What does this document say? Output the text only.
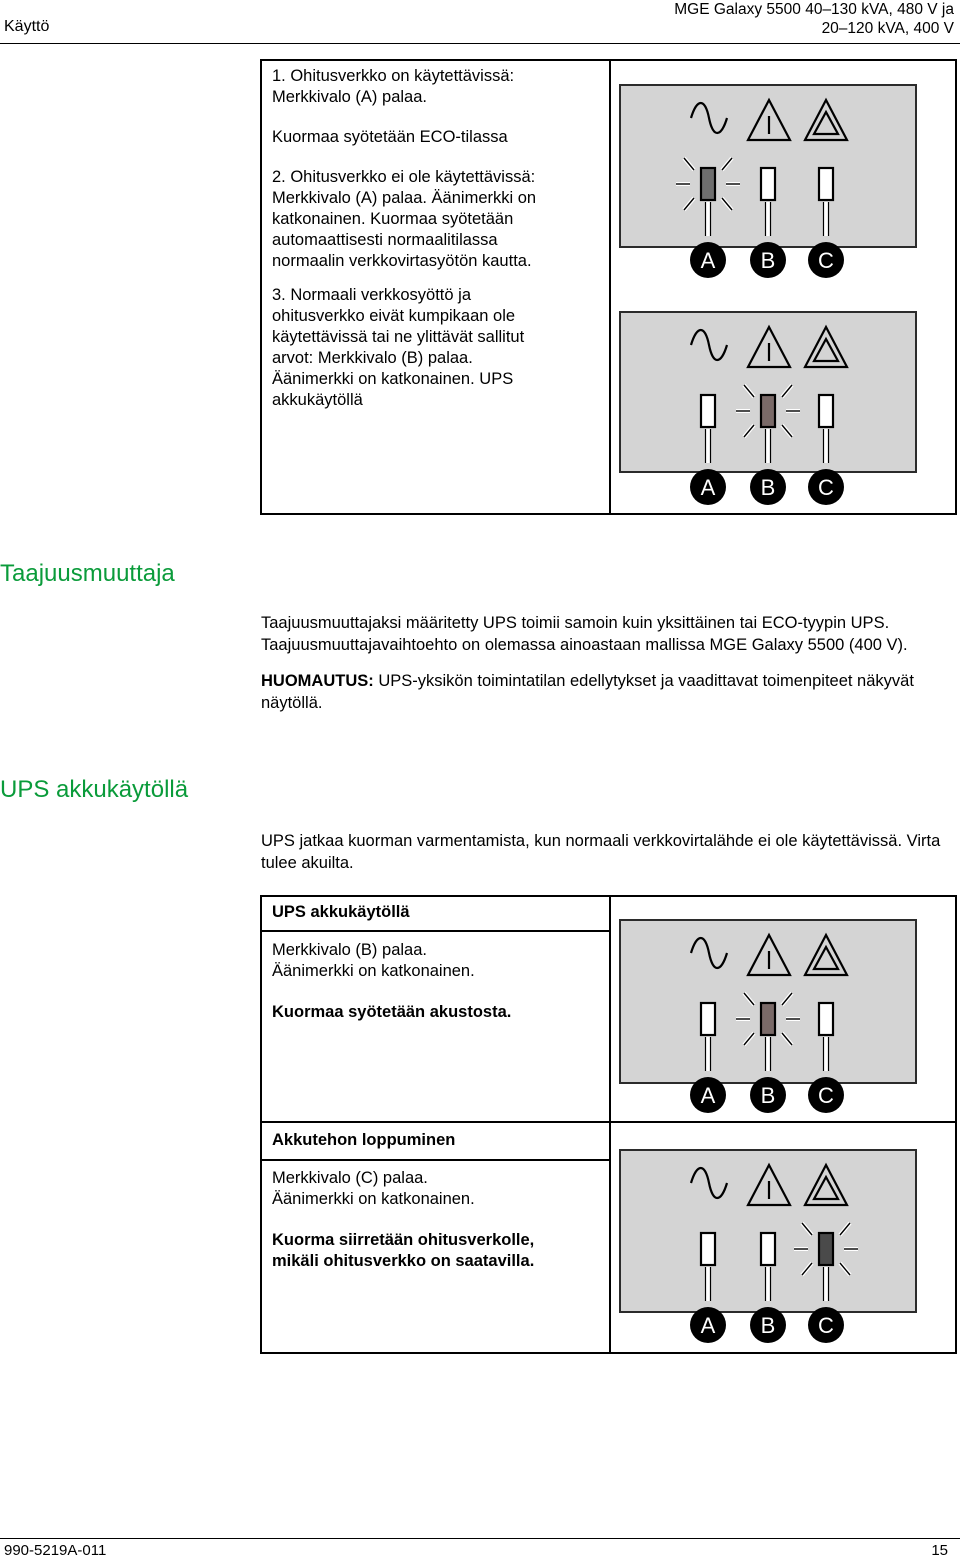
Käyttö
MGE Galaxy 5500 40–130 kVA, 480 V ja
20–120 kVA, 400 V

1. Ohitusverkko on käytettävissä:

Merkkivalo (A) palaa.

Kuormaa syötetään ECO-tilassa

2. Ohitusverkko ei ole käytettävissä:

Merkkivalo (A) palaa. Äänimerkki on

katkonainen. Kuormaa syötetään

automaattisesti normaalitilassa

normaalin verkkovirtasyötön kautta.

3. Normaali verkkosyöttö ja

ohitusverkko eivät kumpikaan ole

käytettävissä tai ne ylittävät sallitut

arvot: Merkkivalo (B) palaa.

Äänimerkki on katkonainen. UPS

akkukäytöllä

A B C
A B C
Taajuusmuuttaja

Taajuusmuuttajaksi määritetty UPS toimii samoin kuin yksittäinen tai ECO-tyypin UPS. Taajuusmuuttajavaihtoehto on olemassa ainoastaan mallissa MGE Galaxy 5500 (400 V).

HUOMAUTUS: UPS-yksikön toimintatilan edellytykset ja vaadittavat toimenpiteet näkyvät näytöllä.

UPS akkukäytöllä

UPS jatkaa kuorman varmentamista, kun normaali verkkovirtalähde ei ole käytettävissä. Virta tulee akuilta.

UPS akkukäytöllä

Merkkivalo (B) palaa.

Äänimerkki on katkonainen.

Kuormaa syötetään akustosta.

Akkutehon loppuminen

Merkkivalo (C) palaa.

Äänimerkki on katkonainen.

Kuorma siirretään ohitusverkolle,

mikäli ohitusverkko on saatavilla.

A B C
A B C
990-5219A-011	15
